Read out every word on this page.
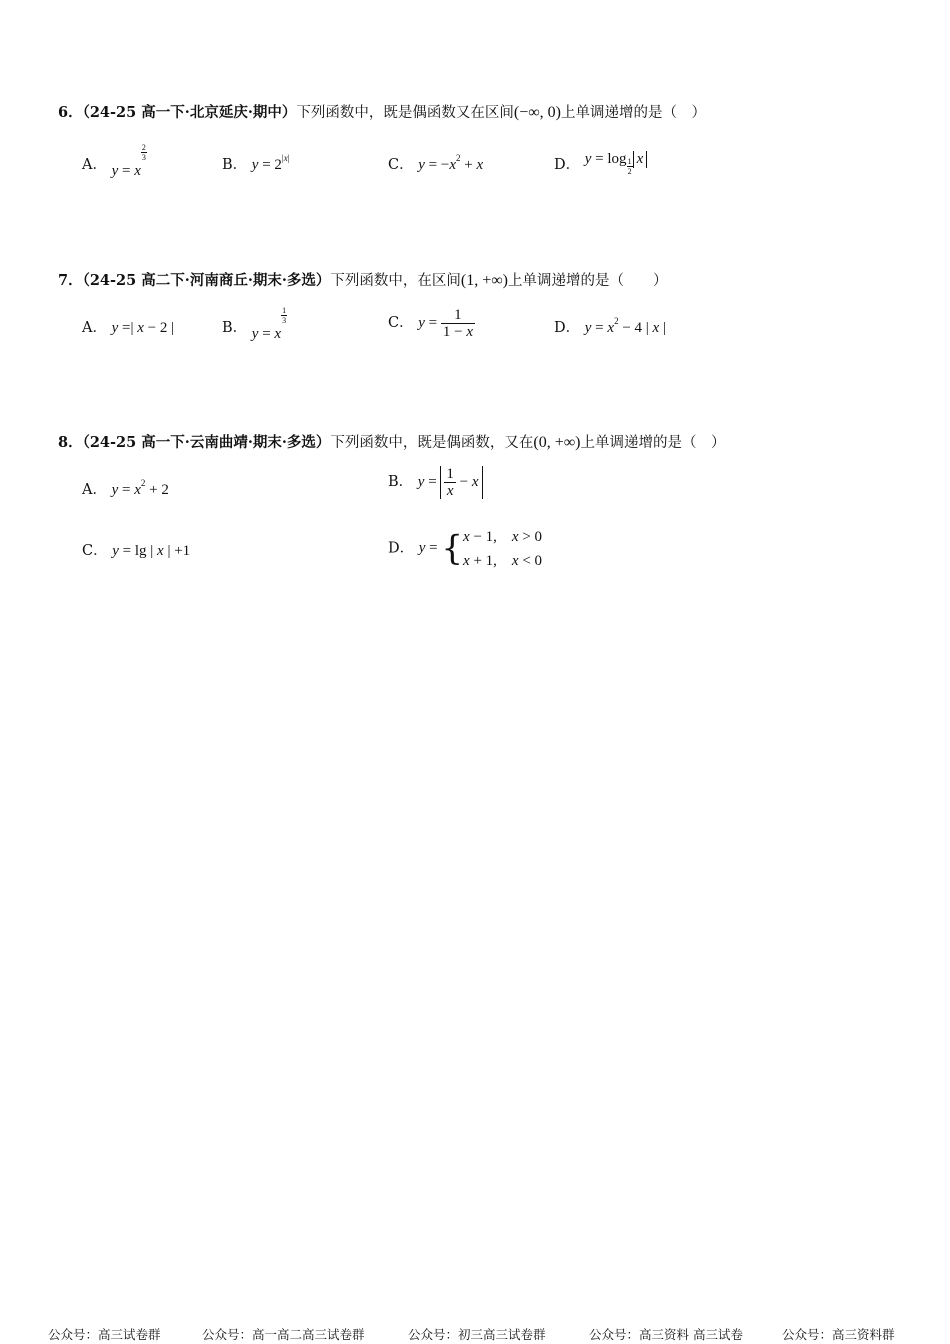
6．（24-25 高一下·北京延庆·期中）下列函数中，既是偶函数又在区间(−∞, 0)上单调递增的是（　）
A． y = x
$\frac{2}{3}$
B． $y = 2^{|x|}$	C． $y = -x^2 + x$	D． $y = \log \frac{1}{2}$ x
7．（24-25 高二下·河南商丘·期末·多选）下列函数中，在区间(1, +∞)上单调递增的是（　　）
A． y =| x − 2 |	B． y = x
$\frac{1}{3}$	C． $y = \frac{1}{1 - x}$	D． $y = x^2 - 4$ | x |
8．（24-25 高一下·云南曲靖·期末·多选）下列函数中，既是偶函数，又在(0, +∞)上单调递增的是（　）
A． $y = x^2 + 2$
B． $y = \frac{1}{x} - x$
C． y = lg | x | +1	D． y = { x − 1,    x > 0
x + 1,    x < 0
公众号：高三试卷群	公众号：高一高二高三试卷群	公众号：初三高三试卷群	公众号：高三资料 高三试卷	公众号：高三资料群
